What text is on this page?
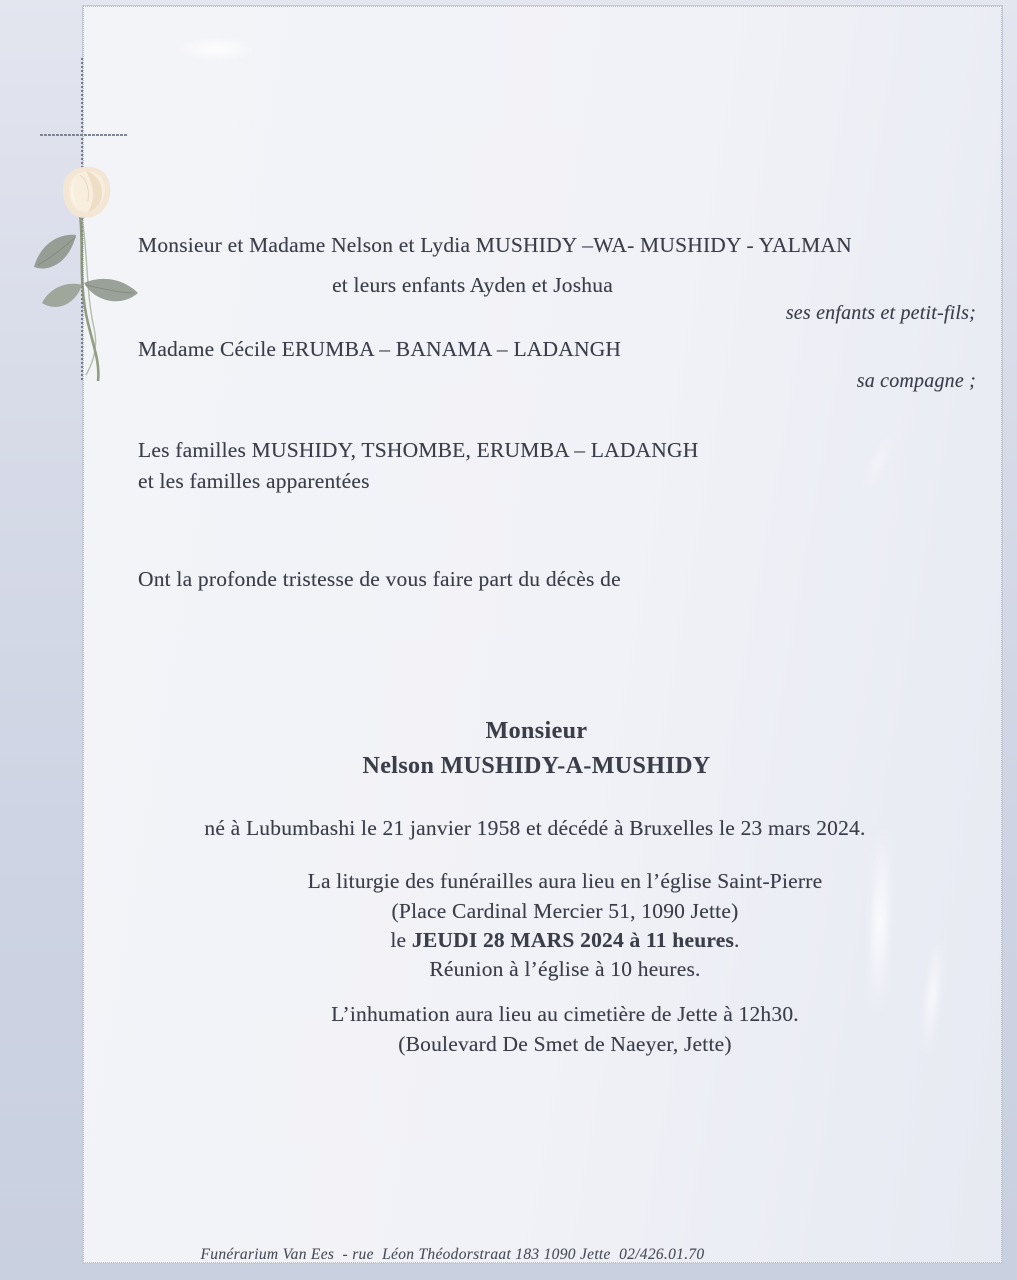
Monsieur et Madame Nelson et Lydia MUSHIDY –WA- MUSHIDY - YALMAN
et leurs enfants Ayden et Joshua
ses enfants et petit-fils;
Madame Cécile ERUMBA – BANAMA – LADANGH
sa compagne ;
Les familles MUSHIDY, TSHOMBE, ERUMBA – LADANGH
et les familles apparentées
Ont la profonde tristesse de vous faire part du décès de
Monsieur
Nelson MUSHIDY-A-MUSHIDY
né à Lubumbashi le 21 janvier 1958 et décédé à Bruxelles le 23 mars 2024.
La liturgie des funérailles aura lieu en l’église Saint-Pierre
(Place Cardinal Mercier 51, 1090 Jette)
le JEUDI 28 MARS 2024 à 11 heures.
Réunion à l’église à 10 heures.
L’inhumation aura lieu au cimetière de Jette à 12h30.
(Boulevard De Smet de Naeyer, Jette)
Funérarium Van Ees  - rue  Léon Théodorstraat 183 1090 Jette  02/426.01.70
